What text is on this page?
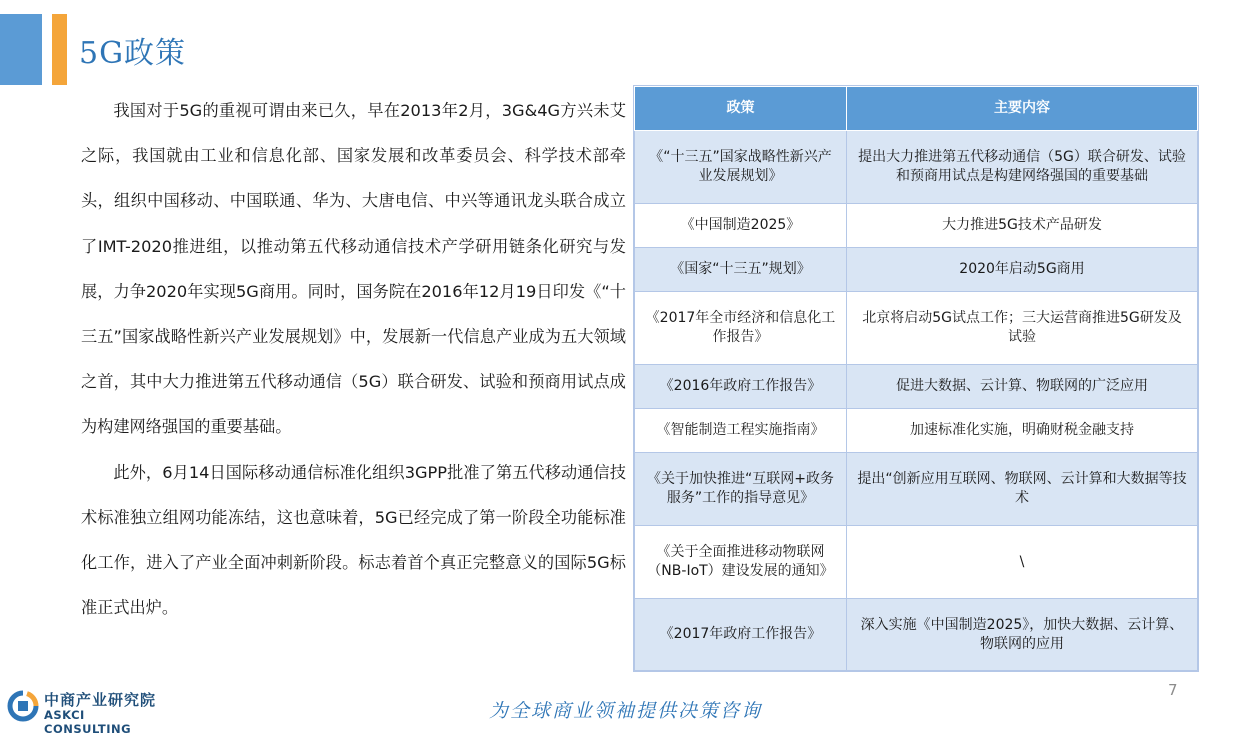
5G政策

我国对于5G的重视可谓由来已久，早在2013年2月，3G&4G方兴未艾之际，我国就由工业和信息化部、国家发展和改革委员会、科学技术部牵头，组织中国移动、中国联通、华为、大唐电信、中兴等通讯龙头联合成立了IMT-2020推进组，以推动第五代移动通信技术产学研用链条化研究与发展，力争2020年实现5G商用。同时，国务院在2016年12月19日印发《“十三五”国家战略性新兴产业发展规划》中，发展新一代信息产业成为五大领域之首，其中大力推进第五代移动通信（5G）联合研发、试验和预商用试点成为构建网络强国的重要基础。

此外，6月14日国际移动通信标准化组织3GPP批准了第五代移动通信技术标准独立组网功能冻结，这也意味着，5G已经完成了第一阶段全功能标准化工作，进入了产业全面冲刺新阶段。标志着首个真正完整意义的国际5G标准正式出炉。

政策	主要内容
《“十三五”国家战略性新兴产业发展规划》	提出大力推进第五代移动通信（5G）联合研发、试验和预商用试点是构建网络强国的重要基础
《中国制造2025》	大力推进5G技术产品研发
《国家“十三五”规划》	2020年启动5G商用
《2017年全市经济和信息化工作报告》	北京将启动5G试点工作；三大运营商推进5G研发及试验
《2016年政府工作报告》	促进大数据、云计算、物联网的广泛应用
《智能制造工程实施指南》	加速标准化实施，明确财税金融支持
《关于加快推进“互联网+政务服务”工作的指导意见》	提出“创新应用互联网、物联网、云计算和大数据等技术
《关于全面推进移动物联网（NB-IoT）建设发展的通知》	\
《2017年政府工作报告》	深入实施《中国制造2025》，加快大数据、云计算、物联网的应用
7
为全球商业领袖提供决策咨询
中商产业研究院
ASKCI CONSULTING
